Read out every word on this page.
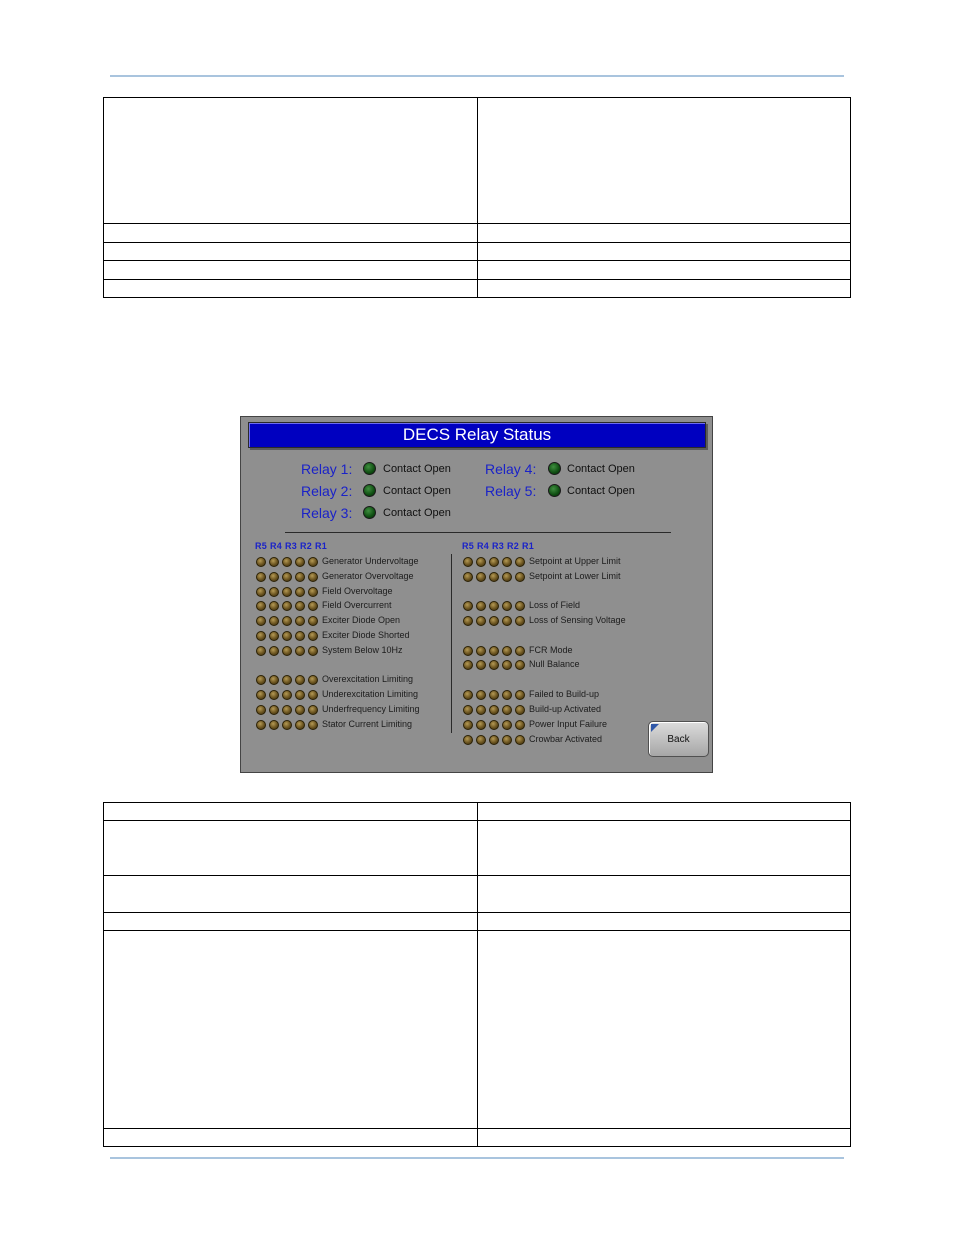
DECS Relay Status
Relay 1:	Contact Open
Relay 2:	Contact Open
Relay 3:	Contact Open
Relay 4:	Contact Open
Relay 5:	Contact Open
R5 R4 R3 R2 R1	R5 R4 R3 R2 R1
Generator Undervoltage
Generator Overvoltage
Field Overvoltage
Field Overcurrent
Exciter Diode Open
Exciter Diode Shorted
System Below 10Hz
Overexcitation Limiting
Underexcitation Limiting
Underfrequency Limiting
Stator Current Limiting
Setpoint at Upper Limit
Setpoint at Lower Limit
Loss of Field
Loss of Sensing Voltage
FCR Mode
Null Balance
Failed to Build-up
Build-up Activated
Power Input Failure
Crowbar Activated	Back
